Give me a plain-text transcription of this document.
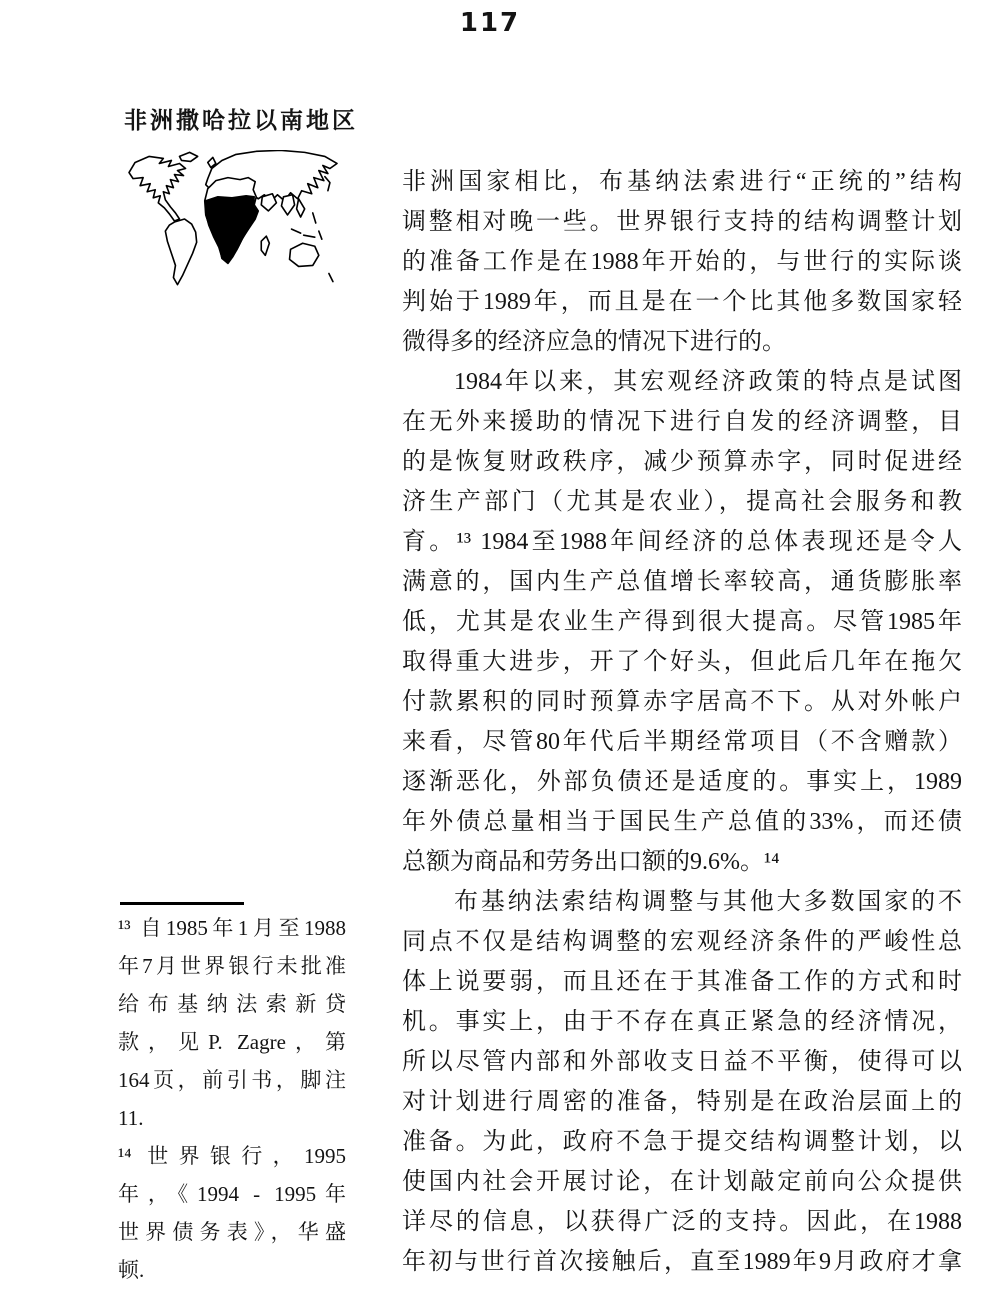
117
非洲撒哈拉以南地区
非洲国家相比，布基纳法索进行“正统的”结构
调整相对晚一些。世界银行支持的结构调整计划
的准备工作是在1988年开始的，与世行的实际谈
判始于1989年，而且是在一个比其他多数国家轻
微得多的经济应急的情况下进行的。
1984年以来，其宏观经济政策的特点是试图
在无外来援助的情况下进行自发的经济调整，目
的是恢复财政秩序，减少预算赤字，同时促进经
济生产部门（尤其是农业），提高社会服务和教
育。¹³ 1984至1988年间经济的总体表现还是令人
满意的，国内生产总值增长率较高，通货膨胀率
低，尤其是农业生产得到很大提高。尽管1985年
取得重大进步，开了个好头，但此后几年在拖欠
付款累积的同时预算赤字居高不下。从对外帐户
来看，尽管80年代后半期经常项目（不含赠款）
逐渐恶化，外部负债还是适度的。事实上，1989
年外债总量相当于国民生产总值的33%，而还债
总额为商品和劳务出口额的9.6%。¹⁴
布基纳法索结构调整与其他大多数国家的不
同点不仅是结构调整的宏观经济条件的严峻性总
体上说要弱，而且还在于其准备工作的方式和时
机。事实上，由于不存在真正紧急的经济情况，
所以尽管内部和外部收支日益不平衡，使得可以
对计划进行周密的准备，特别是在政治层面上的
准备。为此，政府不急于提交结构调整计划，以
使国内社会开展讨论，在计划敲定前向公众提供
详尽的信息，以获得广泛的支持。因此，在1988
年初与世行首次接触后，直至1989年9月政府才拿
¹³ 自1985年1月至1988
年7月世界银行未批准
给布基纳法索新贷
款，见P. Zagre，第
164页，前引书，脚注
11.
¹⁴ 世界银行，1995
年，《1994 - 1995年
世界债务表》，华盛
顿.
